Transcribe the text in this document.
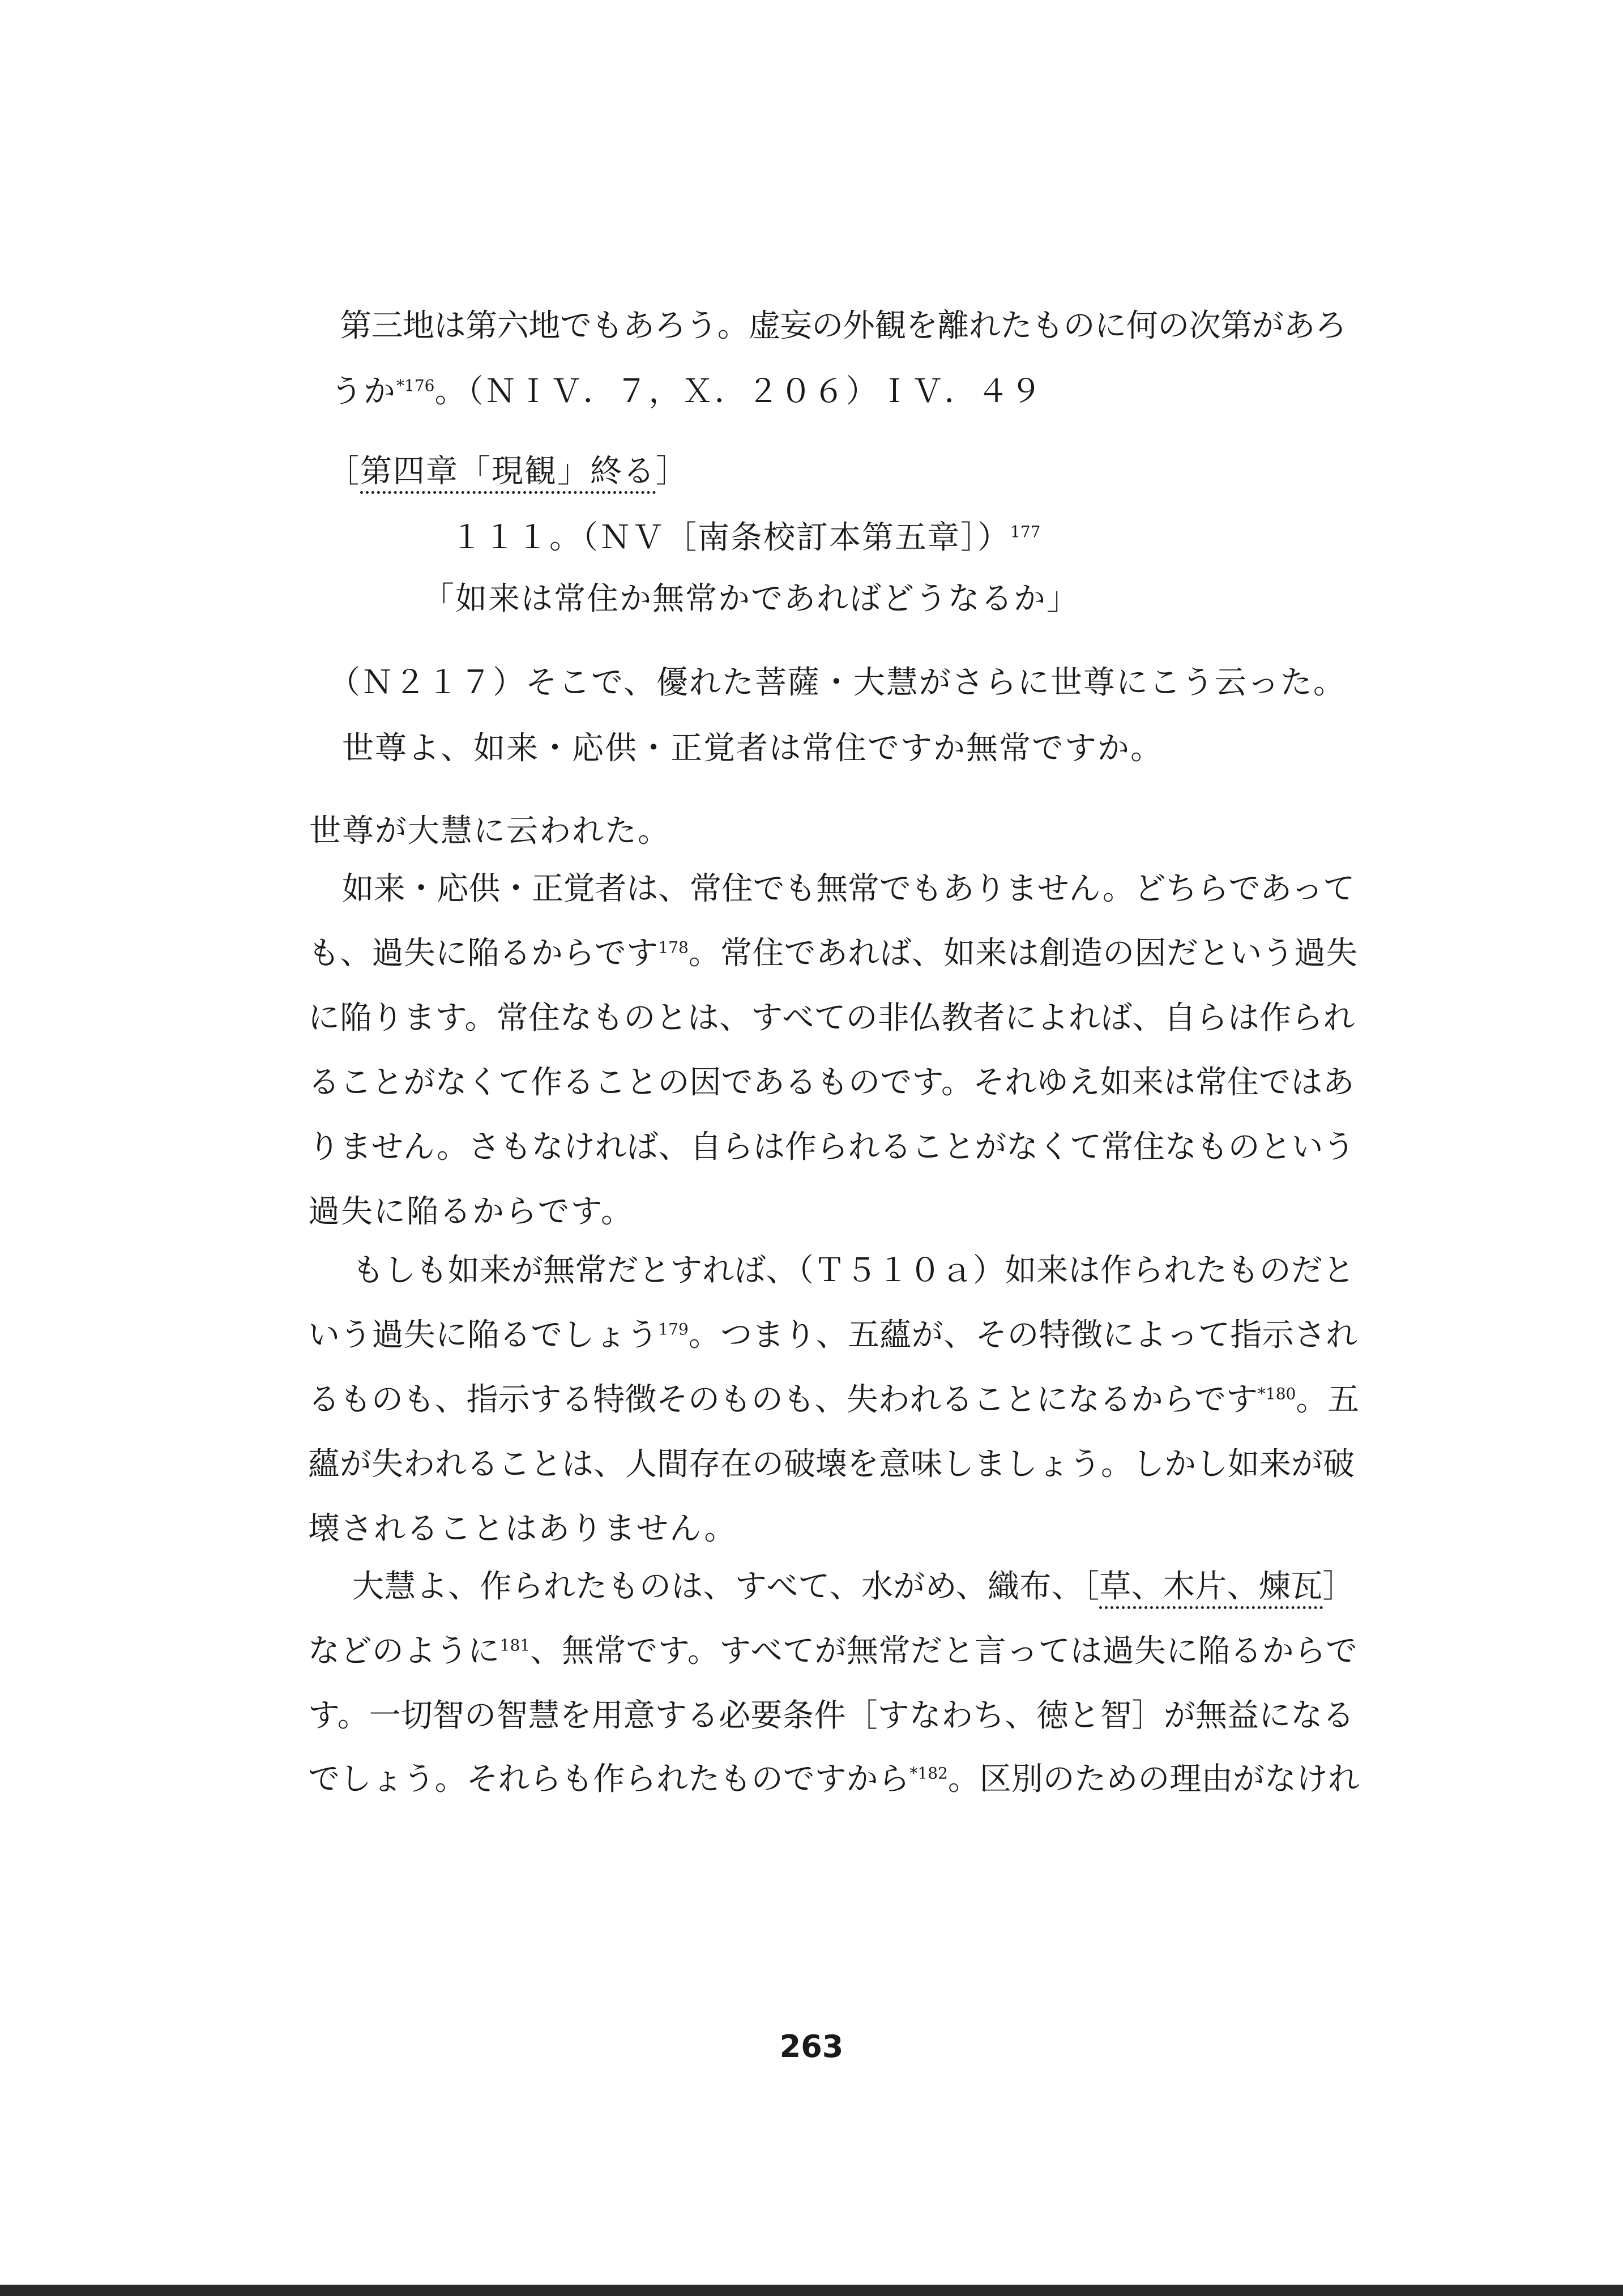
第三地は第六地でもあろう。虚妄の外観を離れたものに何の次第があろ
うか$^{*176}$。（ＮＩＶ．７，Ｘ．２０６）ＩＶ．４９
［第四章「現観」終る］
１１１。（ＮＶ［南条校訂本第五章］）$^{177}$
「如来は常住か無常かであればどうなるか」
（Ｎ２１７）そこで、優れた菩薩・大慧がさらに世尊にこう云った。
世尊よ、如来・応供・正覚者は常住ですか無常ですか。
世尊が大慧に云われた。
如来・応供・正覚者は、常住でも無常でもありません。どちらであって
も、過失に陥るからです$^{178}$。常住であれば、如来は創造の因だという過失
に陥ります。常住なものとは、すべての非仏教者によれば、自らは作られ
ることがなくて作ることの因であるものです。それゆえ如来は常住ではあ
りません。さもなければ、自らは作られることがなくて常住なものという
過失に陥るからです。
もしも如来が無常だとすれば、（Ｔ５１０ａ）如来は作られたものだと
いう過失に陥るでしょう$^{179}$。つまり、五蘊が、その特徴によって指示され
るものも、指示する特徴そのものも、失われることになるからです$^{*180}$。五
蘊が失われることは、人間存在の破壊を意味しましょう。しかし如来が破
壊されることはありません。
大慧よ、作られたものは、すべて、水がめ、織布、［草、木片、煉瓦］
などのように$^{181}$、無常です。すべてが無常だと言っては過失に陥るからで
す。一切智の智慧を用意する必要条件［すなわち、徳と智］が無益になる
でしょう。それらも作られたものですから$^{*182}$。区別のための理由がなけれ
263
